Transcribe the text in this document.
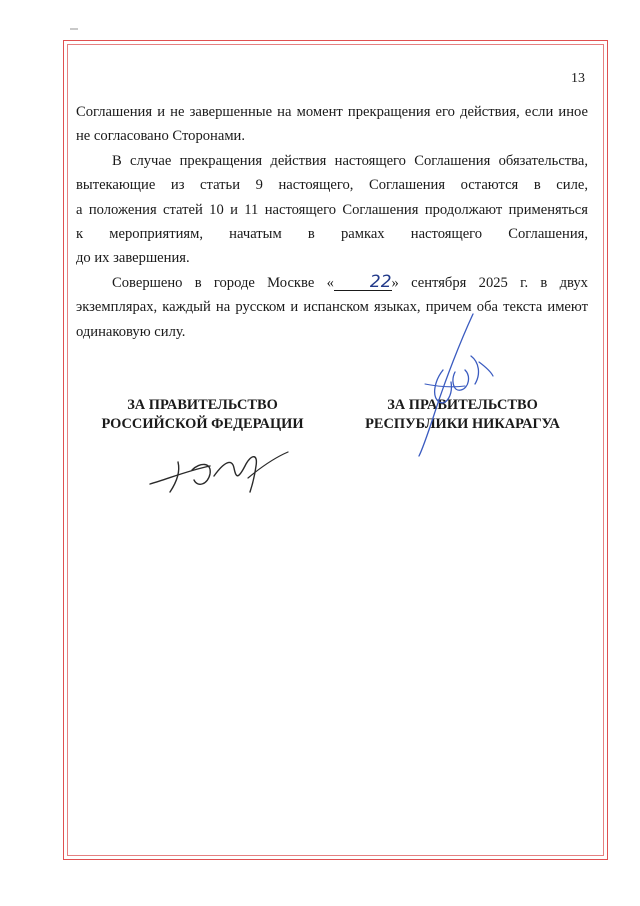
13

Соглашения и не завершенные на момент прекращения его действия, если иное не согласовано Сторонами.

В случае прекращения действия настоящего Соглашения обязательства,

вытекающие из статьи 9 настоящего, Соглашения остаются в силе,

а положения статей 10 и 11 настоящего Соглашения продолжают применяться

к мероприятиям, начатым в рамках настоящего Соглашения,

до их завершения.

Совершено в городе Москве « 22» сентября 2025 г. в двух экземплярах, каждый на русском и испанском языках, причем оба текста имеют одинаковую силу.

ЗА ПРАВИТЕЛЬСТВО
РОССИЙСКОЙ ФЕДЕРАЦИИ
ЗА ПРАВИТЕЛЬСТВО
РЕСПУБЛИКИ НИКАРАГУА
